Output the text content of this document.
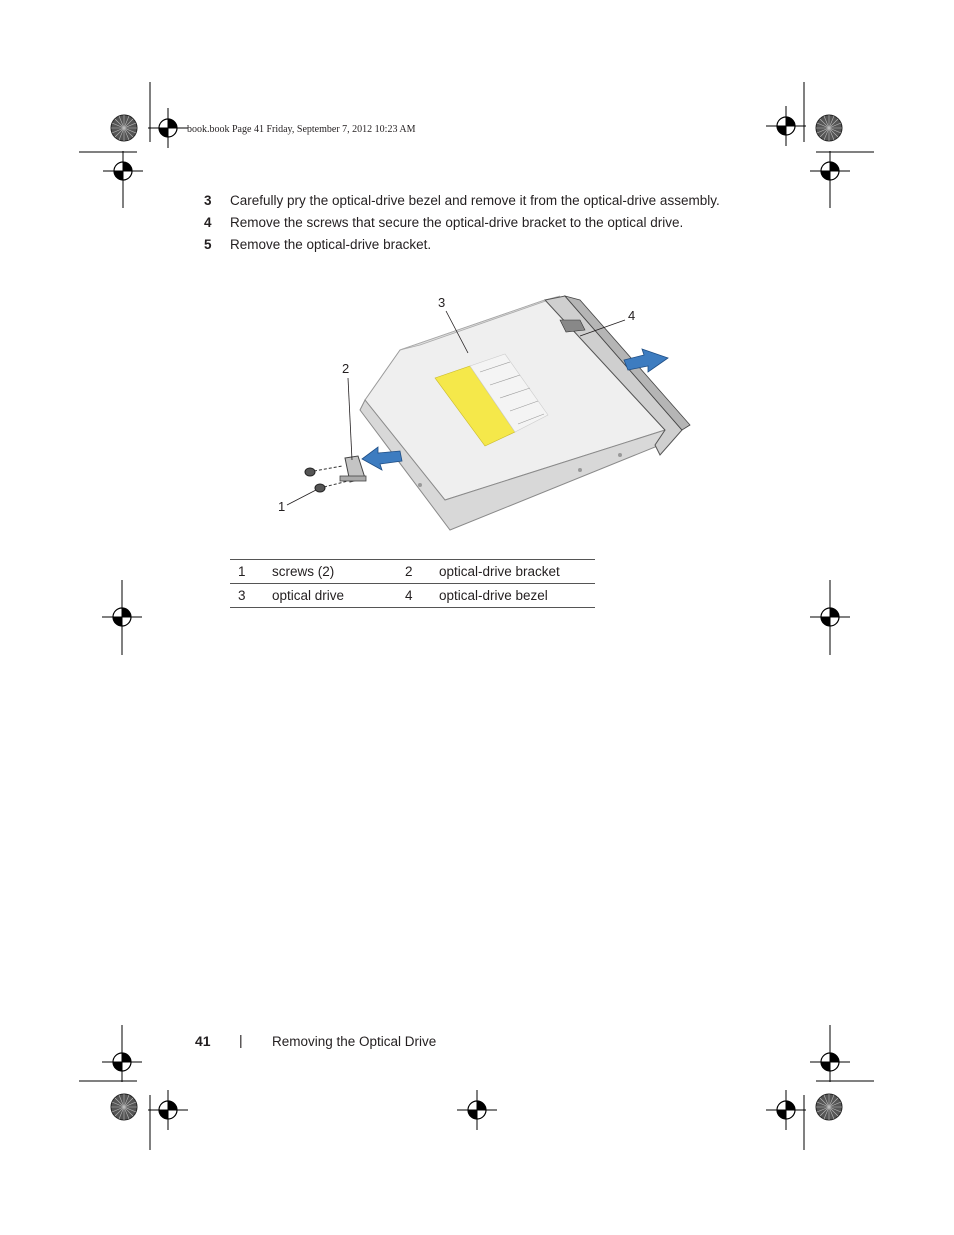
book.book Page 41 Friday, September 7, 2012 10:23 AM
3 Carefully pry the optical-drive bezel and remove it from the optical-drive assembly.
4 Remove the screws that secure the optical-drive bracket to the optical drive.
5 Remove the optical-drive bracket.
3
4
2
1
1	screws (2)	2	optical-drive bracket
3	optical drive	4	optical-drive bezel
41 | Removing the Optical Drive
